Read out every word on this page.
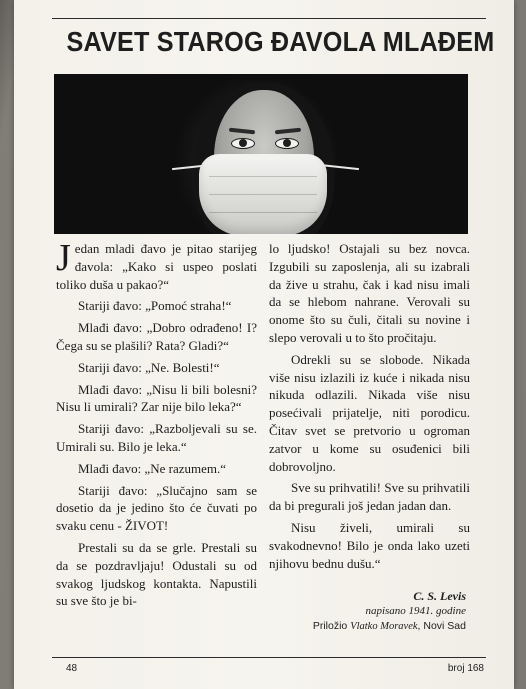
SAVET STAROG ĐAVOLA MLAĐEM

Jedan mladi đavo je pitao starijeg đavola: „Kako si uspeo poslati toliko duša u pakao?“

Stariji đavo: „Pomoć straha!“

Mlađi đavo: „Dobro odrađeno! I? Čega su se plašili? Rata? Gladi?“

Stariji đavo: „Ne. Bolesti!“

Mlađi đavo: „Nisu li bili bolesni? Nisu li umirali? Zar nije bilo leka?“

Stariji đavo: „Razboljevali su se. Umirali su. Bilo je leka.“

Mlađi đavo: „Ne razumem.“

Stariji đavo: „Slučajno sam se dosetio da je jedino što će čuvati po svaku cenu - ŽIVOT!

Prestali su da se grle. Prestali su da se pozdravljaju! Odustali su od svakog ljudskog kontakta. Napustili su sve što je bi-

lo ljudsko! Ostajali su bez novca. Izgubili su zaposlenja, ali su izabrali da žive u strahu, čak i kad nisu imali da se hlebom nahrane. Verovali su onome što su čuli, čitali su novine i slepo verovali u to što pročitaju.

Odrekli su se slobode. Nikada više nisu izlazili iz kuće i nikada nisu nikuda odlazili. Nikada više nisu posećivali prijatelje, niti porodicu. Čitav svet se pretvorio u ogroman zatvor u kome su osuđenici bili dobrovoljno.

Sve su prihvatili! Sve su prihvatili da bi pregurali još jedan jadan dan.

Nisu živeli, umirali su svakodnevno! Bilo je onda lako uzeti njihovu bednu dušu.“

C. S. Levis
napisano 1941. godine
Priložio Vlatko Moravek, Novi Sad
48	broj 168
